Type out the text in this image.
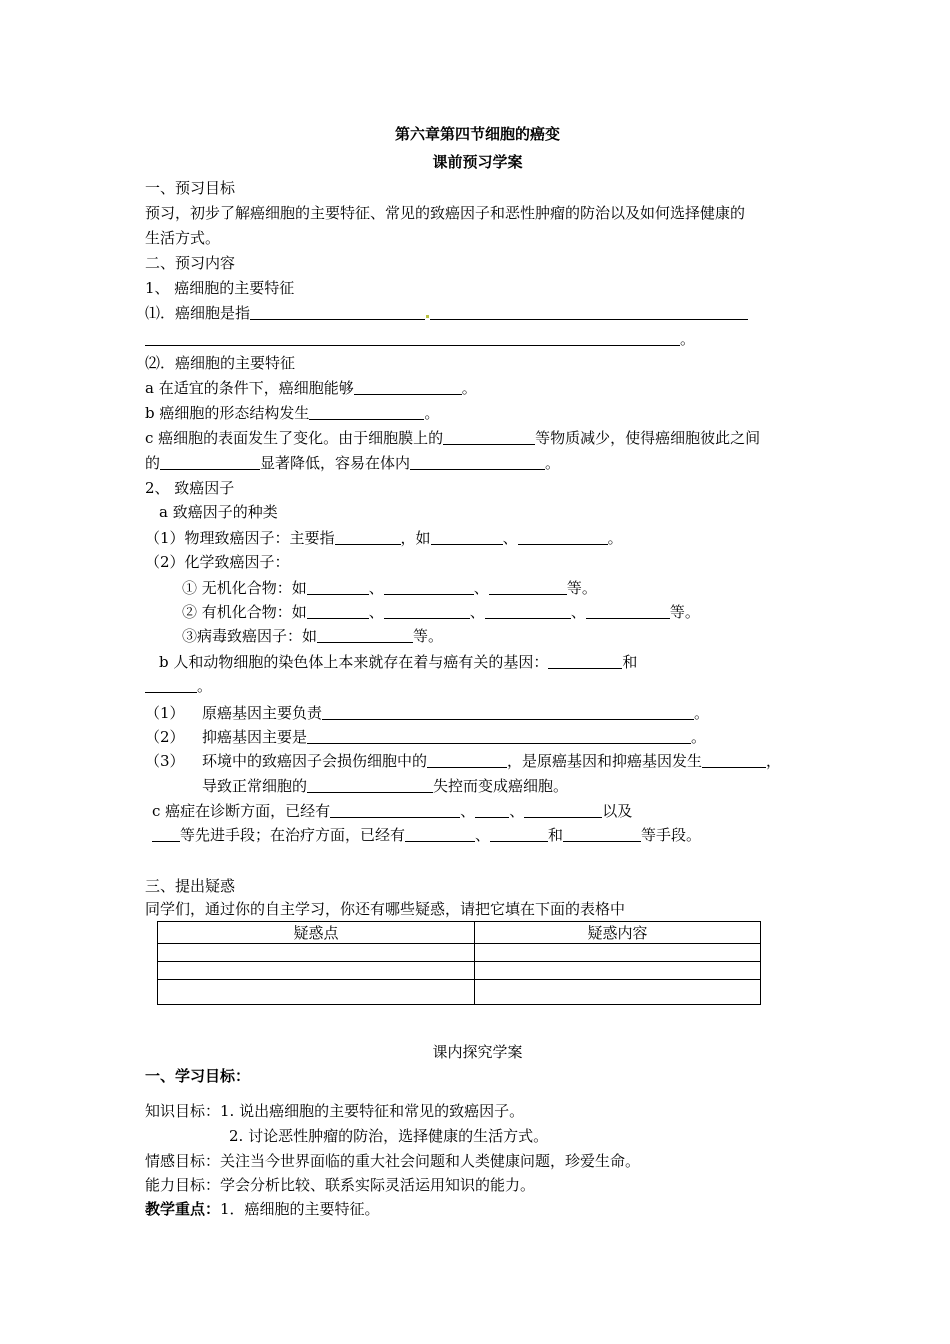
第六章第四节细胞的癌变
课前预习学案
一、预习目标
预习，初步了解癌细胞的主要特征、常见的致癌因子和恶性肿瘤的防治以及如何选择健康的
生活方式。
二、预习内容
1、 癌细胞的主要特征
⑴．癌细胞是指
。
⑵．癌细胞的主要特征
a 在适宜的条件下，癌细胞能够	。
b 癌细胞的形态结构发生	。
c 癌细胞的表面发生了变化。由于细胞膜上的	等物质减少，使得癌细胞彼此之间
的	显著降低，容易在体内	。
2、 致癌因子
a 致癌因子的种类
（1）物理致癌因子：主要指	，如	、	。
（2）化学致癌因子：
① 无机化合物：如	、	、	等。
② 有机化合物：如	、	、	、	等。
③病毒致癌因子：如	等。
b 人和动物细胞的染色体上本来就存在着与癌有关的基因：	和
。
（1） 原癌基因主要负责	。
（2） 抑癌基因主要是	。
（3） 环境中的致癌因子会损伤细胞中的	，是原癌基因和抑癌基因发生	，
导致正常细胞的	失控而变成癌细胞。
c 癌症在诊断方面，已经有	、 、	以及
等先进手段；在治疗方面，已经有	、	和	等手段。
三、提出疑惑
同学们，通过你的自主学习，你还有哪些疑惑，请把它填在下面的表格中
疑惑点	疑惑内容

课内探究学案
一、学习目标：
知识目标：1. 说出癌细胞的主要特征和常见的致癌因子。
2. 讨论恶性肿瘤的防治，选择健康的生活方式。
情感目标：关注当今世界面临的重大社会问题和人类健康问题，珍爱生命。
能力目标：学会分析比较、联系实际灵活运用知识的能力。
教学重点：1．癌细胞的主要特征。
